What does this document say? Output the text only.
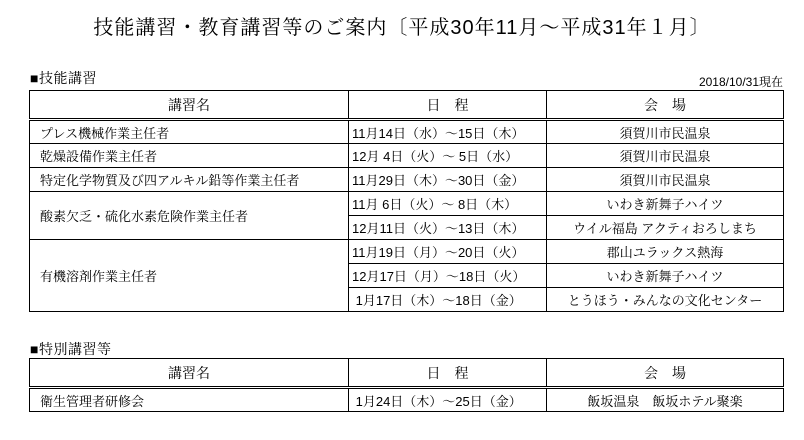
技能講習・教育講習等のご案内〔平成30年11月～平成31年１月〕
■技能講習	2018/10/31現在
講習名	日　程	会　場
プレス機械作業主任者	11月14日（水）～15日（木）	須賀川市民温泉
乾燥設備作業主任者	12月 4日（火）～ 5日（水）	須賀川市民温泉
特定化学物質及び四アルキル鉛等作業主任者	11月29日（木）～30日（金）	須賀川市民温泉
酸素欠乏・硫化水素危険作業主任者	11月 6日（火）～ 8日（木）	いわき新舞子ハイツ
	12月11日（火）～13日（木）	ウイル福島 アクティおろしまち
有機溶剤作業主任者	11月19日（月）～20日（火）	郡山ユラックス熱海
	12月17日（月）～18日（火）	いわき新舞子ハイツ
	1月17日（木）～18日（金）	とうほう・みんなの文化センター
■特別講習等
講習名	日　程	会　場
衛生管理者研修会	1月24日（木）～25日（金）	飯坂温泉　飯坂ホテル聚楽
